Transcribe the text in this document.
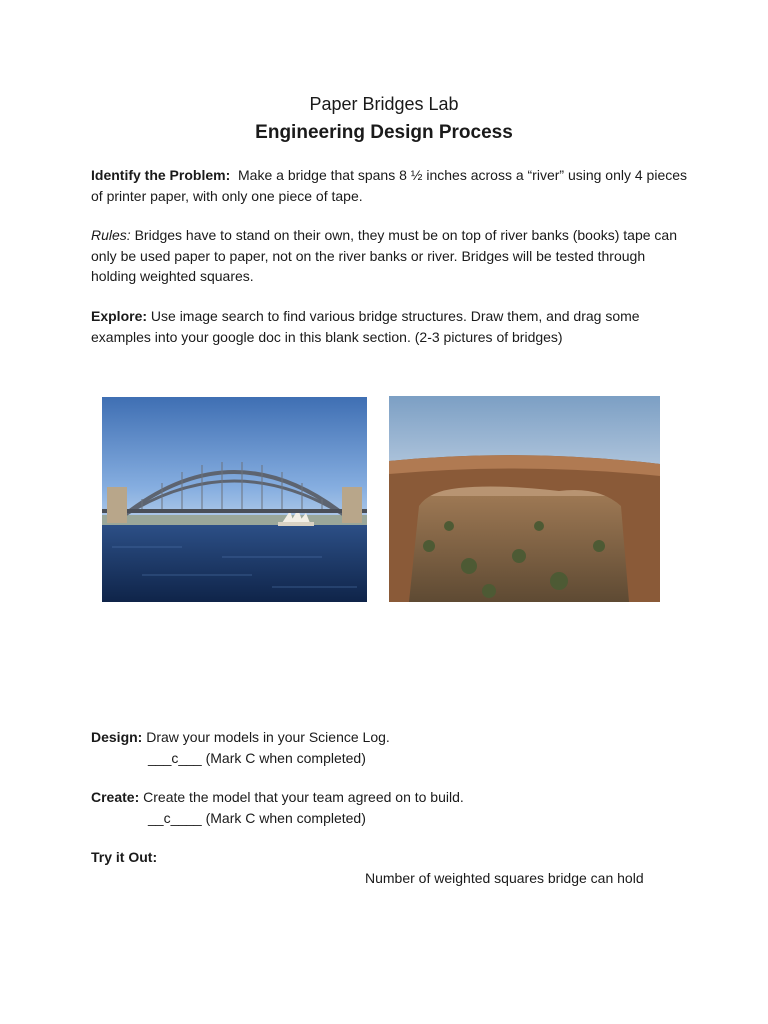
Paper Bridges Lab
Engineering Design Process

Identify the Problem: Make a bridge that spans 8 ½ inches across a “river” using only 4 pieces of printer paper, with only one piece of tape.

Rules: Bridges have to stand on their own, they must be on top of river banks (books) tape can only be used paper to paper, not on the river banks or river. Bridges will be tested through holding weighted squares.

Explore: Use image search to find various bridge structures. Draw them, and drag some examples into your google doc in this blank section. (2-3 pictures of bridges)

Design: Draw your models in your Science Log.
___c___ (Mark C when completed)

Create: Create the model that your team agreed on to build.
__c____ (Mark C when completed)

Try it Out:

Number of weighted squares bridge can hold
